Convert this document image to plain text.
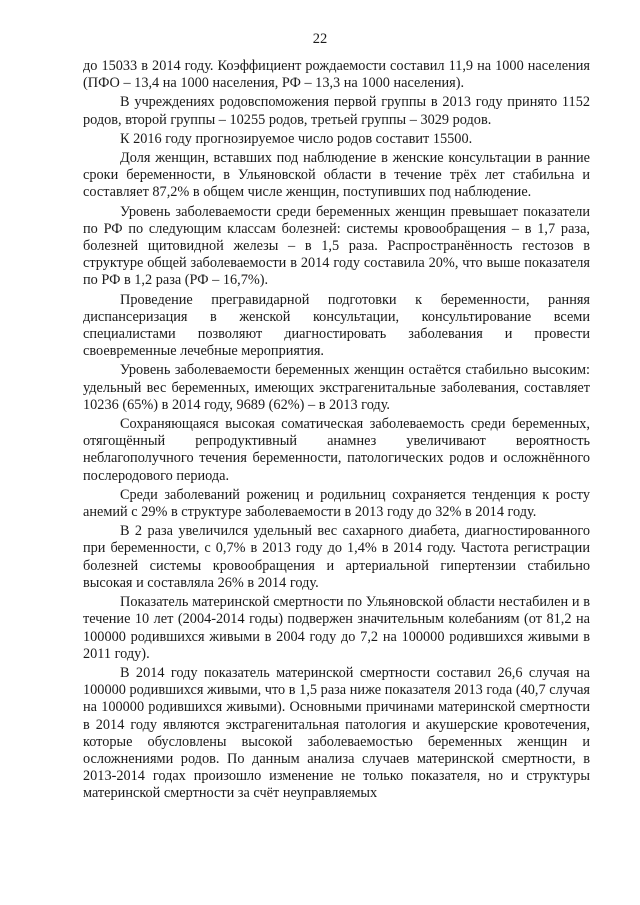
22

до 15033 в 2014 году. Коэффициент рождаемости составил 11,9 на 1000 населения (ПФО – 13,4 на 1000 населения, РФ – 13,3 на 1000 населения).

В учреждениях родовспоможения первой группы в 2013 году принято 1152 родов, второй группы – 10255 родов, третьей группы – 3029 родов.

К 2016 году прогнозируемое число родов составит 15500.

Доля женщин, вставших под наблюдение в женские консультации в ранние сроки беременности, в Ульяновской области в течение трёх лет стабильна и составляет 87,2% в общем числе женщин, поступивших под наблюдение.

Уровень заболеваемости среди беременных женщин превышает показатели по РФ по следующим классам болезней: системы кровообращения – в 1,7 раза, болезней щитовидной железы – в 1,5 раза. Распространённость гестозов в структуре общей заболеваемости в 2014 году составила 20%, что выше показателя по РФ в 1,2 раза (РФ – 16,7%).

Проведение прегравидарной подготовки к беременности, ранняя диспансеризация в женской консультации, консультирование всеми специалистами позволяют диагностировать заболевания и провести своевременные лечебные мероприятия.

Уровень заболеваемости беременных женщин остаётся стабильно высоким: удельный вес беременных, имеющих экстрагенитальные заболевания, составляет 10236 (65%) в 2014 году, 9689 (62%) – в 2013 году.

Сохраняющаяся высокая соматическая заболеваемость среди беременных, отягощённый репродуктивный анамнез увеличивают вероятность неблагополучного течения беременности, патологических родов и осложнённого послеродового периода.

Среди заболеваний рожениц и родильниц сохраняется тенденция к росту анемий с 29% в структуре заболеваемости в 2013 году до 32% в 2014 году.

В 2 раза увеличился удельный вес сахарного диабета, диагностированного при беременности, с 0,7% в 2013 году до 1,4% в 2014 году. Частота регистрации болезней системы кровообращения и артериальной гипертензии стабильно высокая и составляла 26% в 2014 году.

Показатель материнской смертности по Ульяновской области нестабилен и в течение 10 лет (2004-2014 годы) подвержен значительным колебаниям (от 81,2 на 100000 родившихся живыми в 2004 году до 7,2 на 100000 родившихся живыми в 2011 году).

В 2014 году показатель материнской смертности составил 26,6 случая на 100000 родившихся живыми, что в 1,5 раза ниже показателя 2013 года (40,7 случая на 100000 родившихся живыми). Основными причинами материнской смертности в 2014 году являются экстрагенитальная патология и акушерские кровотечения, которые обусловлены высокой заболеваемостью беременных женщин и осложнениями родов. По данным анализа случаев материнской смертности, в 2013-2014 годах произошло изменение не только показателя, но и структуры материнской смертности за счёт неуправляемых
